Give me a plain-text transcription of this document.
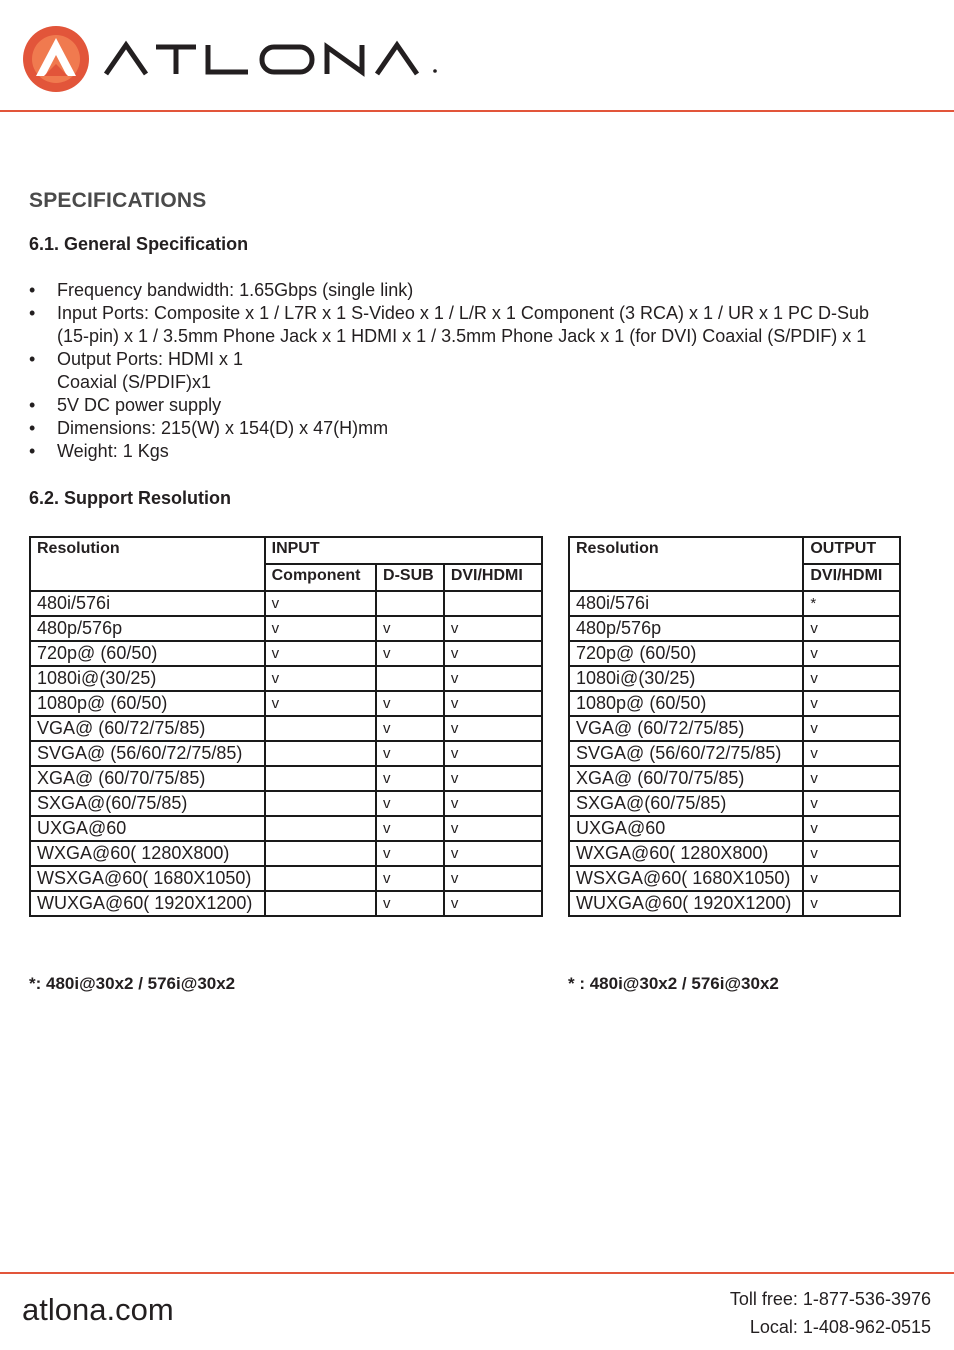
SPECIFICATIONS
6.1. General Specification
• Frequency bandwidth: 1.65Gbps (single link)
• Input Ports: Composite x 1 / L7R x 1 S-Video x 1 / L/R x 1 Component (3 RCA) x 1 / UR x 1 PC D-Sub
(15-pin) x 1 / 3.5mm Phone Jack x 1 HDMI x 1 / 3.5mm Phone Jack x 1 (for DVI) Coaxial (S/PDIF) x 1
• Output Ports: HDMI x 1
Coaxial (S/PDIF)x1
• 5V DC power supply
• Dimensions: 215(W) x 154(D) x 47(H)mm
• Weight: 1 Kgs
6.2. Support Resolution
Resolution	INPUT		
	Component	D-SUB	DVI/HDMI
480i/576i	v		
480p/576p	v	v	v
720p@ (60/50)	v	v	v
1080i@(30/25)	v		v
1080p@ (60/50)	v	v	v
VGA@ (60/72/75/85)		v	v
SVGA@ (56/60/72/75/85)		v	v
XGA@ (60/70/75/85)		v	v
SXGA@(60/75/85)		v	v
UXGA@60		v	v
WXGA@60( 1280X800)		v	v
WSXGA@60( 1680X1050)		v	v
WUXGA@60( 1920X1200)		v	v
*: 480i@30x2 / 576i@30x2
Resolution	OUTPUT
	DVI/HDMI
480i/576i	*
480p/576p	v
720p@ (60/50)	v
1080i@(30/25)	v
1080p@ (60/50)	v
VGA@ (60/72/75/85)	v
SVGA@ (56/60/72/75/85)	v
XGA@ (60/70/75/85)	v
SXGA@(60/75/85)	v
UXGA@60	v
WXGA@60( 1280X800)	v
WSXGA@60( 1680X1050)	v
WUXGA@60( 1920X1200)	v
* : 480i@30x2 / 576i@30x2
atlona.com	Toll free: 1-877-536-3976
Local: 1-408-962-0515
